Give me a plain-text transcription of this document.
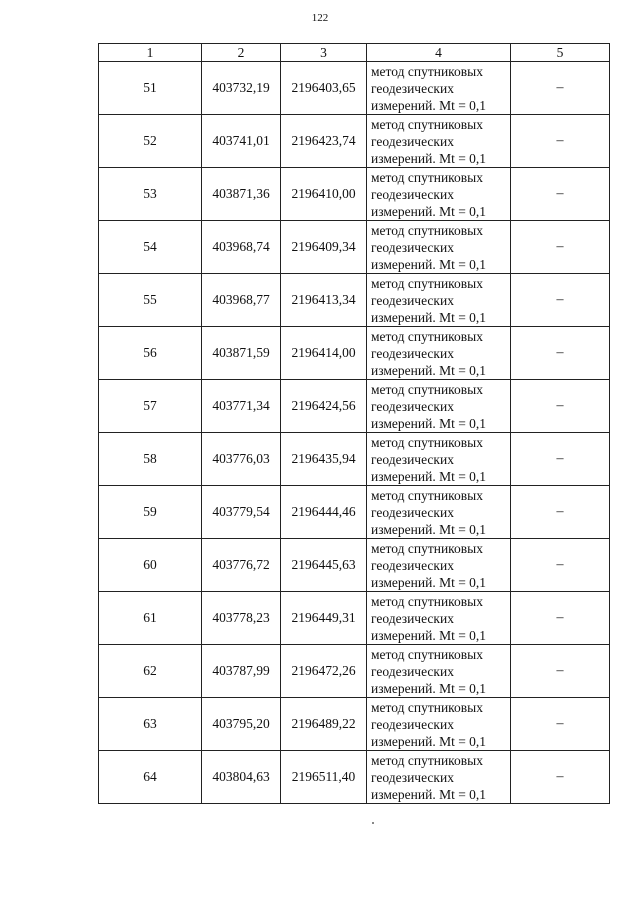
122
1	2	3	4	5
51	403732,19	2196403,65	метод спутниковых
геодезических
измерений. Mt = 0,1	–
52	403741,01	2196423,74	метод спутниковых
геодезических
измерений. Mt = 0,1	–
53	403871,36	2196410,00	метод спутниковых
геодезических
измерений. Mt = 0,1	–
54	403968,74	2196409,34	метод спутниковых
геодезических
измерений. Mt = 0,1	–
55	403968,77	2196413,34	метод спутниковых
геодезических
измерений. Mt = 0,1	–
56	403871,59	2196414,00	метод спутниковых
геодезических
измерений. Mt = 0,1	–
57	403771,34	2196424,56	метод спутниковых
геодезических
измерений. Mt = 0,1	–
58	403776,03	2196435,94	метод спутниковых
геодезических
измерений. Mt = 0,1	–
59	403779,54	2196444,46	метод спутниковых
геодезических
измерений. Mt = 0,1	–
60	403776,72	2196445,63	метод спутниковых
геодезических
измерений. Mt = 0,1	–
61	403778,23	2196449,31	метод спутниковых
геодезических
измерений. Mt = 0,1	–
62	403787,99	2196472,26	метод спутниковых
геодезических
измерений. Mt = 0,1	–
63	403795,20	2196489,22	метод спутниковых
геодезических
измерений. Mt = 0,1	–
64	403804,63	2196511,40	метод спутниковых
геодезических
измерений. Mt = 0,1	–
